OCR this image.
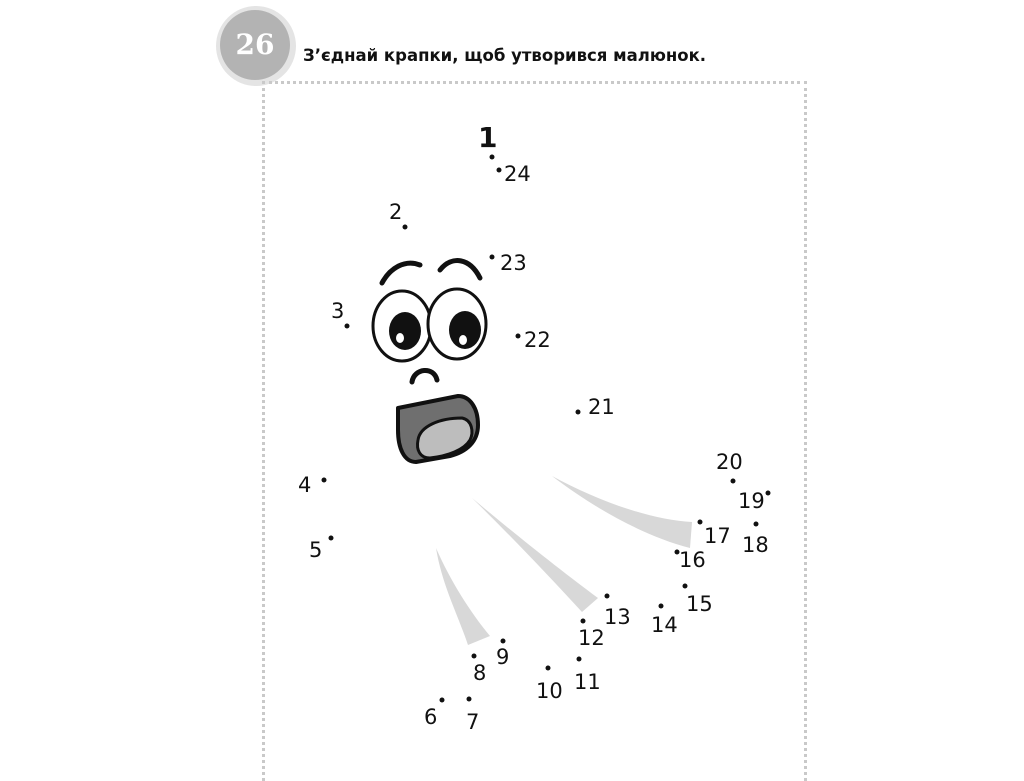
26	З’єднай крапки, щоб утворився малюнок.
1
24
2
23
3
22
21
4
20
19
17 18
5	16
15
13 14
12
9
8	11
10
6 7
